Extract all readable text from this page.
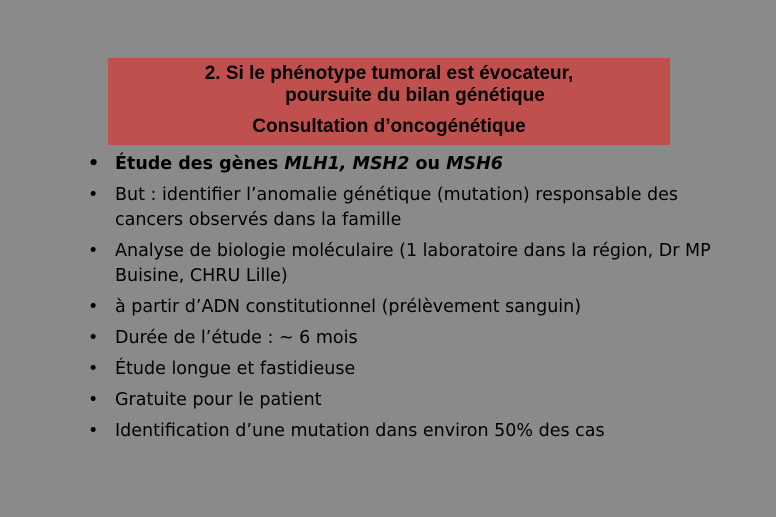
2. Si le phénotype tumoral est évocateur,
poursuite du bilan génétique
Consultation d’oncogénétique
• Étude des gènes MLH1, MSH2 ou MSH6
• But : identifier l’anomalie génétique (mutation) responsable des cancers observés dans la famille
• Analyse de biologie moléculaire (1 laboratoire dans la région, Dr MP Buisine, CHRU Lille)
• à partir d’ADN constitutionnel (prélèvement sanguin)
• Durée de l’étude : ~ 6 mois
• Étude longue et fastidieuse
• Gratuite pour le patient
• Identification d’une mutation dans environ 50% des cas
